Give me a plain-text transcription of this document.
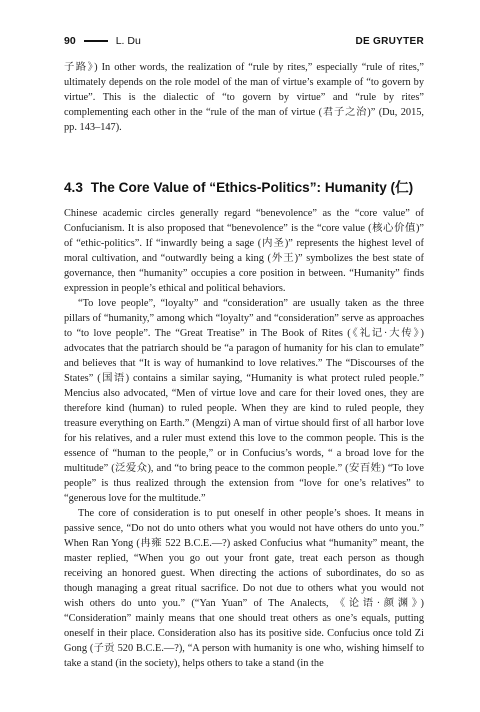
90	L. Du	DE GRUYTER

子路》) In other words, the realization of “rule by rites,” especially “rule of rites,” ultimately depends on the role model of the man of virtue’s example of “to govern by virtue”. This is the dialectic of “to govern by virtue” and “rule by rites” complementing each other in the “rule of the man of virtue (君子之治)” (Du, 2015, pp. 143–147).

4.3 The Core Value of “Ethics-Politics”: Humanity (仁)

Chinese academic circles generally regard “benevolence” as the “core value” of Confucianism. It is also proposed that “benevolence” is the “core value (核心价值)” of “ethic-politics”. If “inwardly being a sage (内圣)” represents the highest level of moral cultivation, and “outwardly being a king (外王)” symbolizes the best state of governance, then “humanity” occupies a core position in between. “Humanity” finds expression in people’s ethical and political behaviors.

“To love people”, “loyalty” and “consideration” are usually taken as the three pillars of “humanity,” among which “loyalty” and “consideration” serve as approaches to “to love people”. The “Great Treatise” in The Book of Rites (《礼记·大传》) advocates that the patriarch should be “a paragon of humanity for his clan to emulate” and believes that “It is way of humankind to love relatives.” The “Discourses of the States” (国语) contains a similar saying, “Humanity is what protect ruled people.” Mencius also advocated, “Men of virtue love and care for their loved ones, they are therefore kind (human) to ruled people. When they are kind to ruled people, they treasure everything on Earth.” (Mengzi) A man of virtue should first of all harbor love for his relatives, and a ruler must extend this love to the common people. This is the essence of “human to the people,” or in Confucius’s words, “ a broad love for the multitude” (泛爱众), and “to bring peace to the common people.” (安百姓) “To love people” is thus realized through the extension from “love for one’s relatives” to “generous love for the multitude.”

The core of consideration is to put oneself in other people’s shoes. It means in passive sence, “Do not do unto others what you would not have others do unto you.” When Ran Yong (冉雍 522 B.C.E.—?) asked Confucius what “humanity” meant, the master replied, “When you go out your front gate, treat each person as though receiving an honored guest. When directing the actions of subordinates, do so as though managing a great ritual sacrifice. Do not due to others what you would not wish others do unto you.” (“Yan Yuan” of The Analects, 《论语·颜渊》) “Consideration” mainly means that one should treat others as one’s equals, putting oneself in their place. Consideration also has its positive side. Confucius once told Zi Gong (子贡 520 B.C.E.—?), “A person with humanity is one who, wishing himself to take a stand (in the society), helps others to take a stand (in the
